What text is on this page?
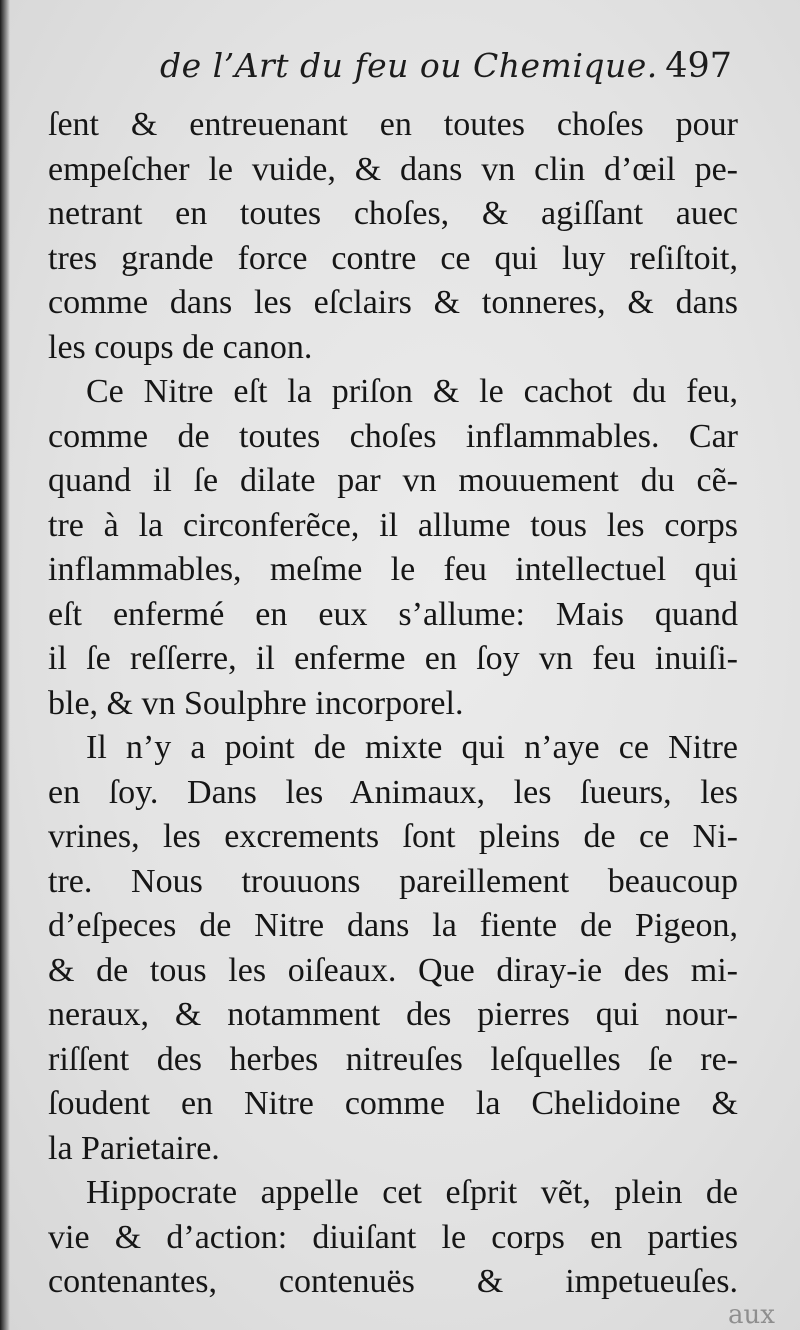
de l’Art du feu ou Chemique. 497
ſent & entreuenant en toutes choſes pour
empeſcher le vuide, & dans vn clin d’œil pe-
netrant en toutes choſes, & agiſſant auec
tres grande force contre ce qui luy reſiſtoit,
comme dans les eſclairs & tonneres, & dans
les coups de canon.
Ce Nitre eſt la priſon & le cachot du feu,
comme de toutes choſes inflammables. Car
quand il ſe dilate par vn mouuement du cẽ-
tre à la circonferẽce, il allume tous les corps
inflammables, meſme le feu intellectuel qui
eſt enfermé en eux s’allume: Mais quand
il ſe reſſerre, il enferme en ſoy vn feu inuiſi-
ble, & vn Soulphre incorporel.
Il n’y a point de mixte qui n’aye ce Nitre
en ſoy. Dans les Animaux, les ſueurs, les
vrines, les excrements ſont pleins de ce Ni-
tre. Nous trouuons pareillement beaucoup
d’eſpeces de Nitre dans la fiente de Pigeon,
& de tous les oiſeaux. Que diray-ie des mi-
neraux, & notamment des pierres qui nour-
riſſent des herbes nitreuſes leſquelles ſe re-
ſoudent en Nitre comme la Chelidoine &
la Parietaire.
Hippocrate appelle cet eſprit vẽt, plein de
vie & d’action: diuiſant le corps en parties
contenantes, contenuës & impetueuſes.
aux
